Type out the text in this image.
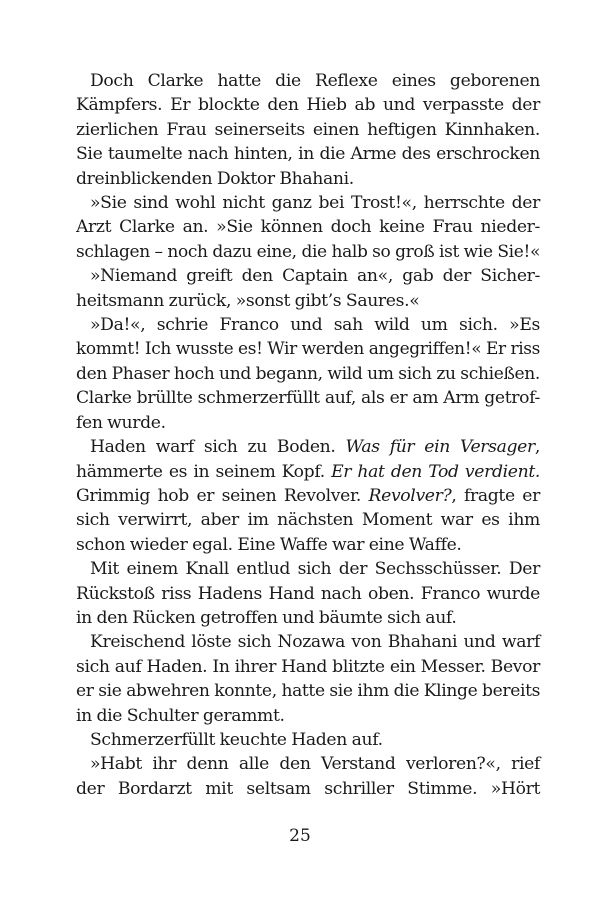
Doch Clarke hatte die Reflexe eines geborenen
Kämpfers. Er blockte den Hieb ab und verpasste der
zierlichen Frau seinerseits einen heftigen Kinnhaken.
Sie taumelte nach hinten, in die Arme des erschrocken
dreinblickenden Doktor Bhahani.
»Sie sind wohl nicht ganz bei Trost!«, herrschte der
Arzt Clarke an. »Sie können doch keine Frau nieder-
schlagen – noch dazu eine, die halb so groß ist wie Sie!«
»Niemand greift den Captain an«, gab der Sicher-
heitsmann zurück, »sonst gibt’s Saures.«
»Da!«, schrie Franco und sah wild um sich. »Es
kommt! Ich wusste es! Wir werden angegriffen!« Er riss
den Phaser hoch und begann, wild um sich zu schießen.
Clarke brüllte schmerzerfüllt auf, als er am Arm getrof-
fen wurde.
Haden warf sich zu Boden. Was für ein Versager,
hämmerte es in seinem Kopf. Er hat den Tod verdient.
Grimmig hob er seinen Revolver. Revolver?, fragte er
sich verwirrt, aber im nächsten Moment war es ihm
schon wieder egal. Eine Waffe war eine Waffe.
Mit einem Knall entlud sich der Sechsschüsser. Der
Rückstoß riss Hadens Hand nach oben. Franco wurde
in den Rücken getroffen und bäumte sich auf.
Kreischend löste sich Nozawa von Bhahani und warf
sich auf Haden. In ihrer Hand blitzte ein Messer. Bevor
er sie abwehren konnte, hatte sie ihm die Klinge bereits
in die Schulter gerammt.
Schmerzerfüllt keuchte Haden auf.
»Habt ihr denn alle den Verstand verloren?«, rief
der Bordarzt mit seltsam schriller Stimme. »Hört
25
